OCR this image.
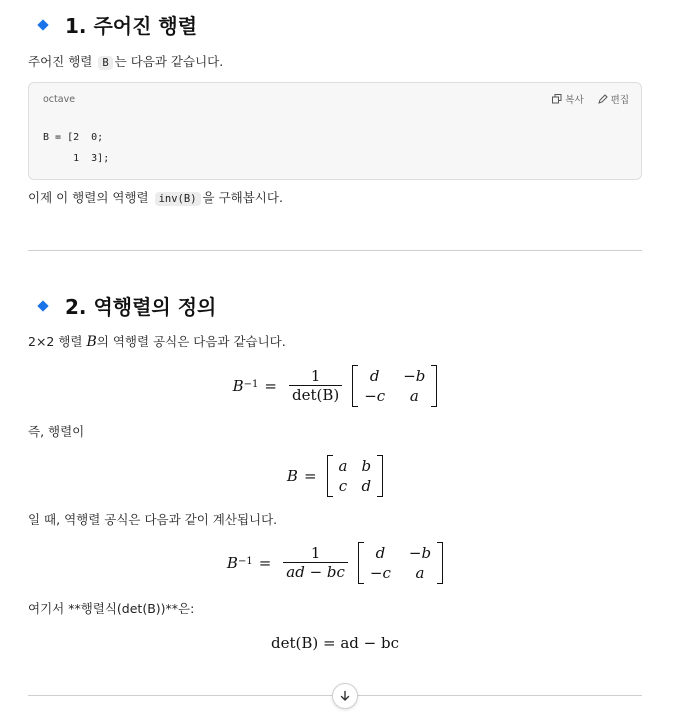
1. 주어진 행렬
주어진 행렬 B 는 다음과 같습니다.
octave	복사	편집
B = [2  0;
1  3];
이제 이 행렬의 역행렬 inv(B) 을 구해봅시다.
2. 역행렬의 정의
2×2 행렬 B의 역행렬 공식은 다음과 같습니다.
$B -1 = \frac{1}{\det(B)}$	d	−b
−c	a
즉, 행렬이
B =
a b
c d
일 때, 역행렬 공식은 다음과 같이 계산됩니다.
$B -1 = \frac{1}{ad - bc}$	d	−b
−c	a
여기서 **행렬식(det(B))**은:
det(B) = ad − bc
